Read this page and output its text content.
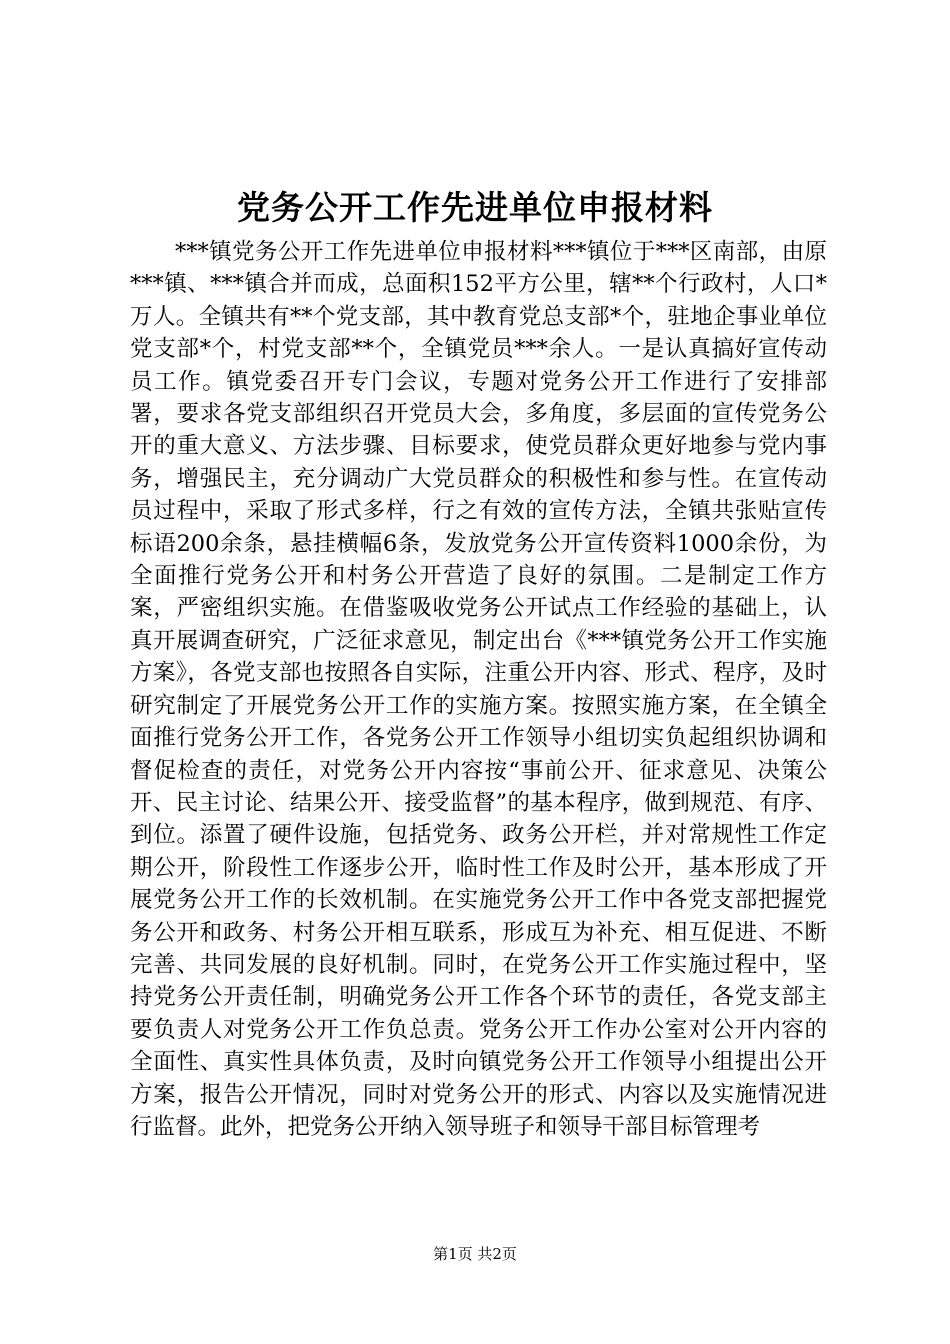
党务公开工作先进单位申报材料

***镇党务公开工作先进单位申报材料***镇位于***区南部，由原***镇、***镇合并而成，总面积152平方公里，辖**个行政村，人口*万人。全镇共有**个党支部，其中教育党总支部*个，驻地企事业单位党支部*个，村党支部**个，全镇党员***余人。一是认真搞好宣传动员工作。镇党委召开专门会议，专题对党务公开工作进行了安排部署，要求各党支部组织召开党员大会，多角度，多层面的宣传党务公开的重大意义、方法步骤、目标要求，使党员群众更好地参与党内事务，增强民主，充分调动广大党员群众的积极性和参与性。在宣传动员过程中，采取了形式多样，行之有效的宣传方法，全镇共张贴宣传标语200余条，悬挂横幅6条，发放党务公开宣传资料1000余份，为全面推行党务公开和村务公开营造了良好的氛围。二是制定工作方案，严密组织实施。在借鉴吸收党务公开试点工作经验的基础上，认真开展调查研究，广泛征求意见，制定出台《***镇党务公开工作实施方案》，各党支部也按照各自实际，注重公开内容、形式、程序，及时研究制定了开展党务公开工作的实施方案。按照实施方案，在全镇全面推行党务公开工作，各党务公开工作领导小组切实负起组织协调和督促检查的责任，对党务公开内容按“事前公开、征求意见、决策公开、民主讨论、结果公开、接受监督”的基本程序，做到规范、有序、到位。添置了硬件设施，包括党务、政务公开栏，并对常规性工作定期公开，阶段性工作逐步公开，临时性工作及时公开，基本形成了开展党务公开工作的长效机制。在实施党务公开工作中各党支部把握党务公开和政务、村务公开相互联系，形成互为补充、相互促进、不断完善、共同发展的良好机制。同时，在党务公开工作实施过程中，坚持党务公开责任制，明确党务公开工作各个环节的责任，各党支部主要负责人对党务公开工作负总责。党务公开工作办公室对公开内容的全面性、真实性具体负责，及时向镇党务公开工作领导小组提出公开方案，报告公开情况，同时对党务公开的形式、内容以及实施情况进行监督。此外，把党务公开纳入领导班子和领导干部目标管理考

第1页 共2页
